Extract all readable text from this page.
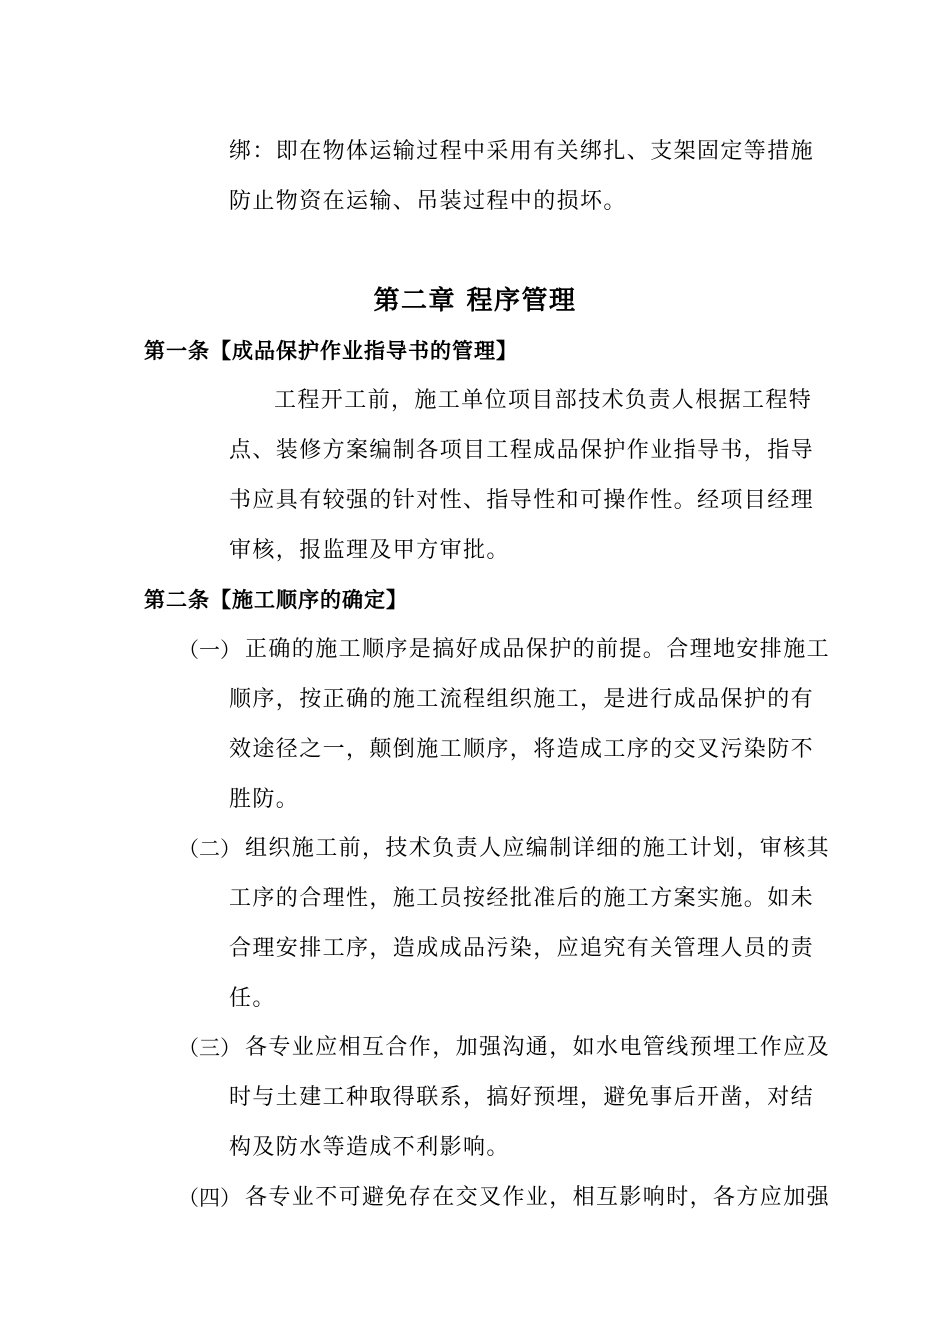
绑：即在物体运输过程中采用有关绑扎、支架固定等措施
防止物资在运输、吊装过程中的损坏。
第二章 程序管理
第一条【成品保护作业指导书的管理】
工程开工前，施工单位项目部技术负责人根据工程特
点、装修方案编制各项目工程成品保护作业指导书，指导
书应具有较强的针对性、指导性和可操作性。经项目经理
审核，报监理及甲方审批。
第二条【施工顺序的确定】
（一） 正确的施工顺序是搞好成品保护的前提。合理地安排施工
顺序，按正确的施工流程组织施工，是进行成品保护的有
效途径之一，颠倒施工顺序，将造成工序的交叉污染防不
胜防。
（二） 组织施工前，技术负责人应编制详细的施工计划，审核其
工序的合理性，施工员按经批准后的施工方案实施。如未
合理安排工序，造成成品污染，应追究有关管理人员的责
任。
（三） 各专业应相互合作，加强沟通，如水电管线预埋工作应及
时与土建工种取得联系，搞好预埋，避免事后开凿，对结
构及防水等造成不利影响。
（四） 各专业不可避免存在交叉作业，相互影响时，各方应加强
